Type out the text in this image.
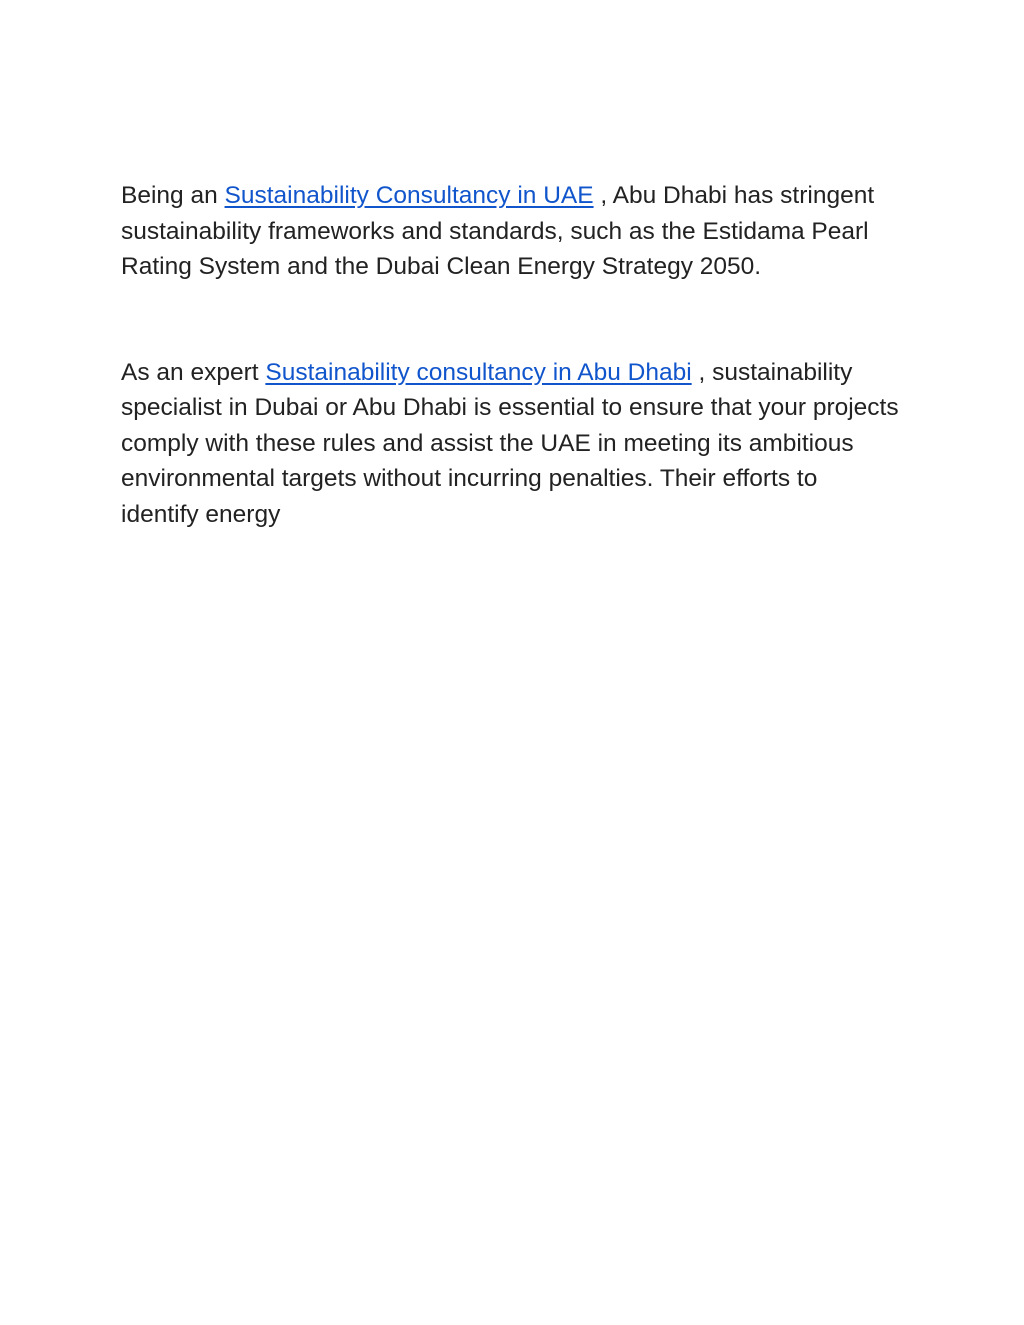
Being an Sustainability Consultancy in UAE , Abu Dhabi has stringent sustainability frameworks and standards, such as the Estidama Pearl Rating System and the Dubai Clean Energy Strategy 2050.

As an expert Sustainability consultancy in Abu Dhabi , sustainability specialist in Dubai or Abu Dhabi is essential to ensure that your projects comply with these rules and assist the UAE in meeting its ambitious environmental targets without incurring penalties. Their efforts to identify energy
